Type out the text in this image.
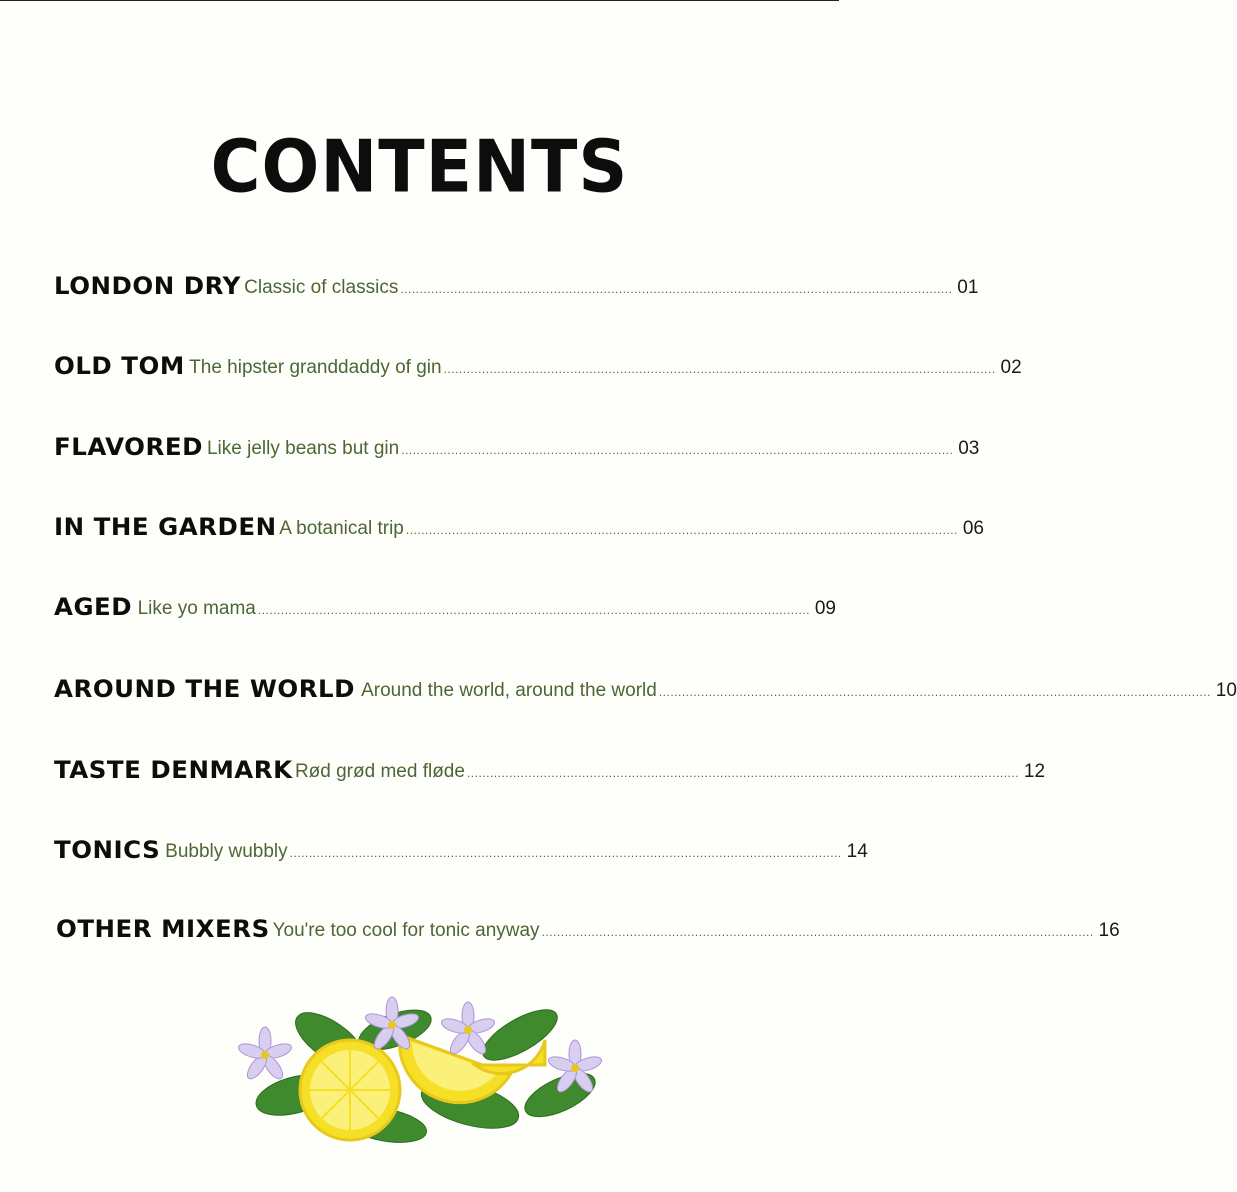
CONTENTS
LONDON DRY Classic of classics ................................................................................................................................................ 01
OLD TOM The hipster granddaddy of gin ................................................................................................................................................ 02
FLAVORED Like jelly beans but gin ................................................................................................................................................ 03
IN THE GARDEN A botanical trip ................................................................................................................................................ 06
AGED Like yo mama ................................................................................................................................................ 09
AROUND THE WORLD Around the world, around the world ................................................................................................................................................ 10
TASTE DENMARK Rød grød med fløde ................................................................................................................................................ 12
TONICS Bubbly wubbly ................................................................................................................................................ 14
OTHER MIXERS You're too cool for tonic anyway ................................................................................................................................................ 16
